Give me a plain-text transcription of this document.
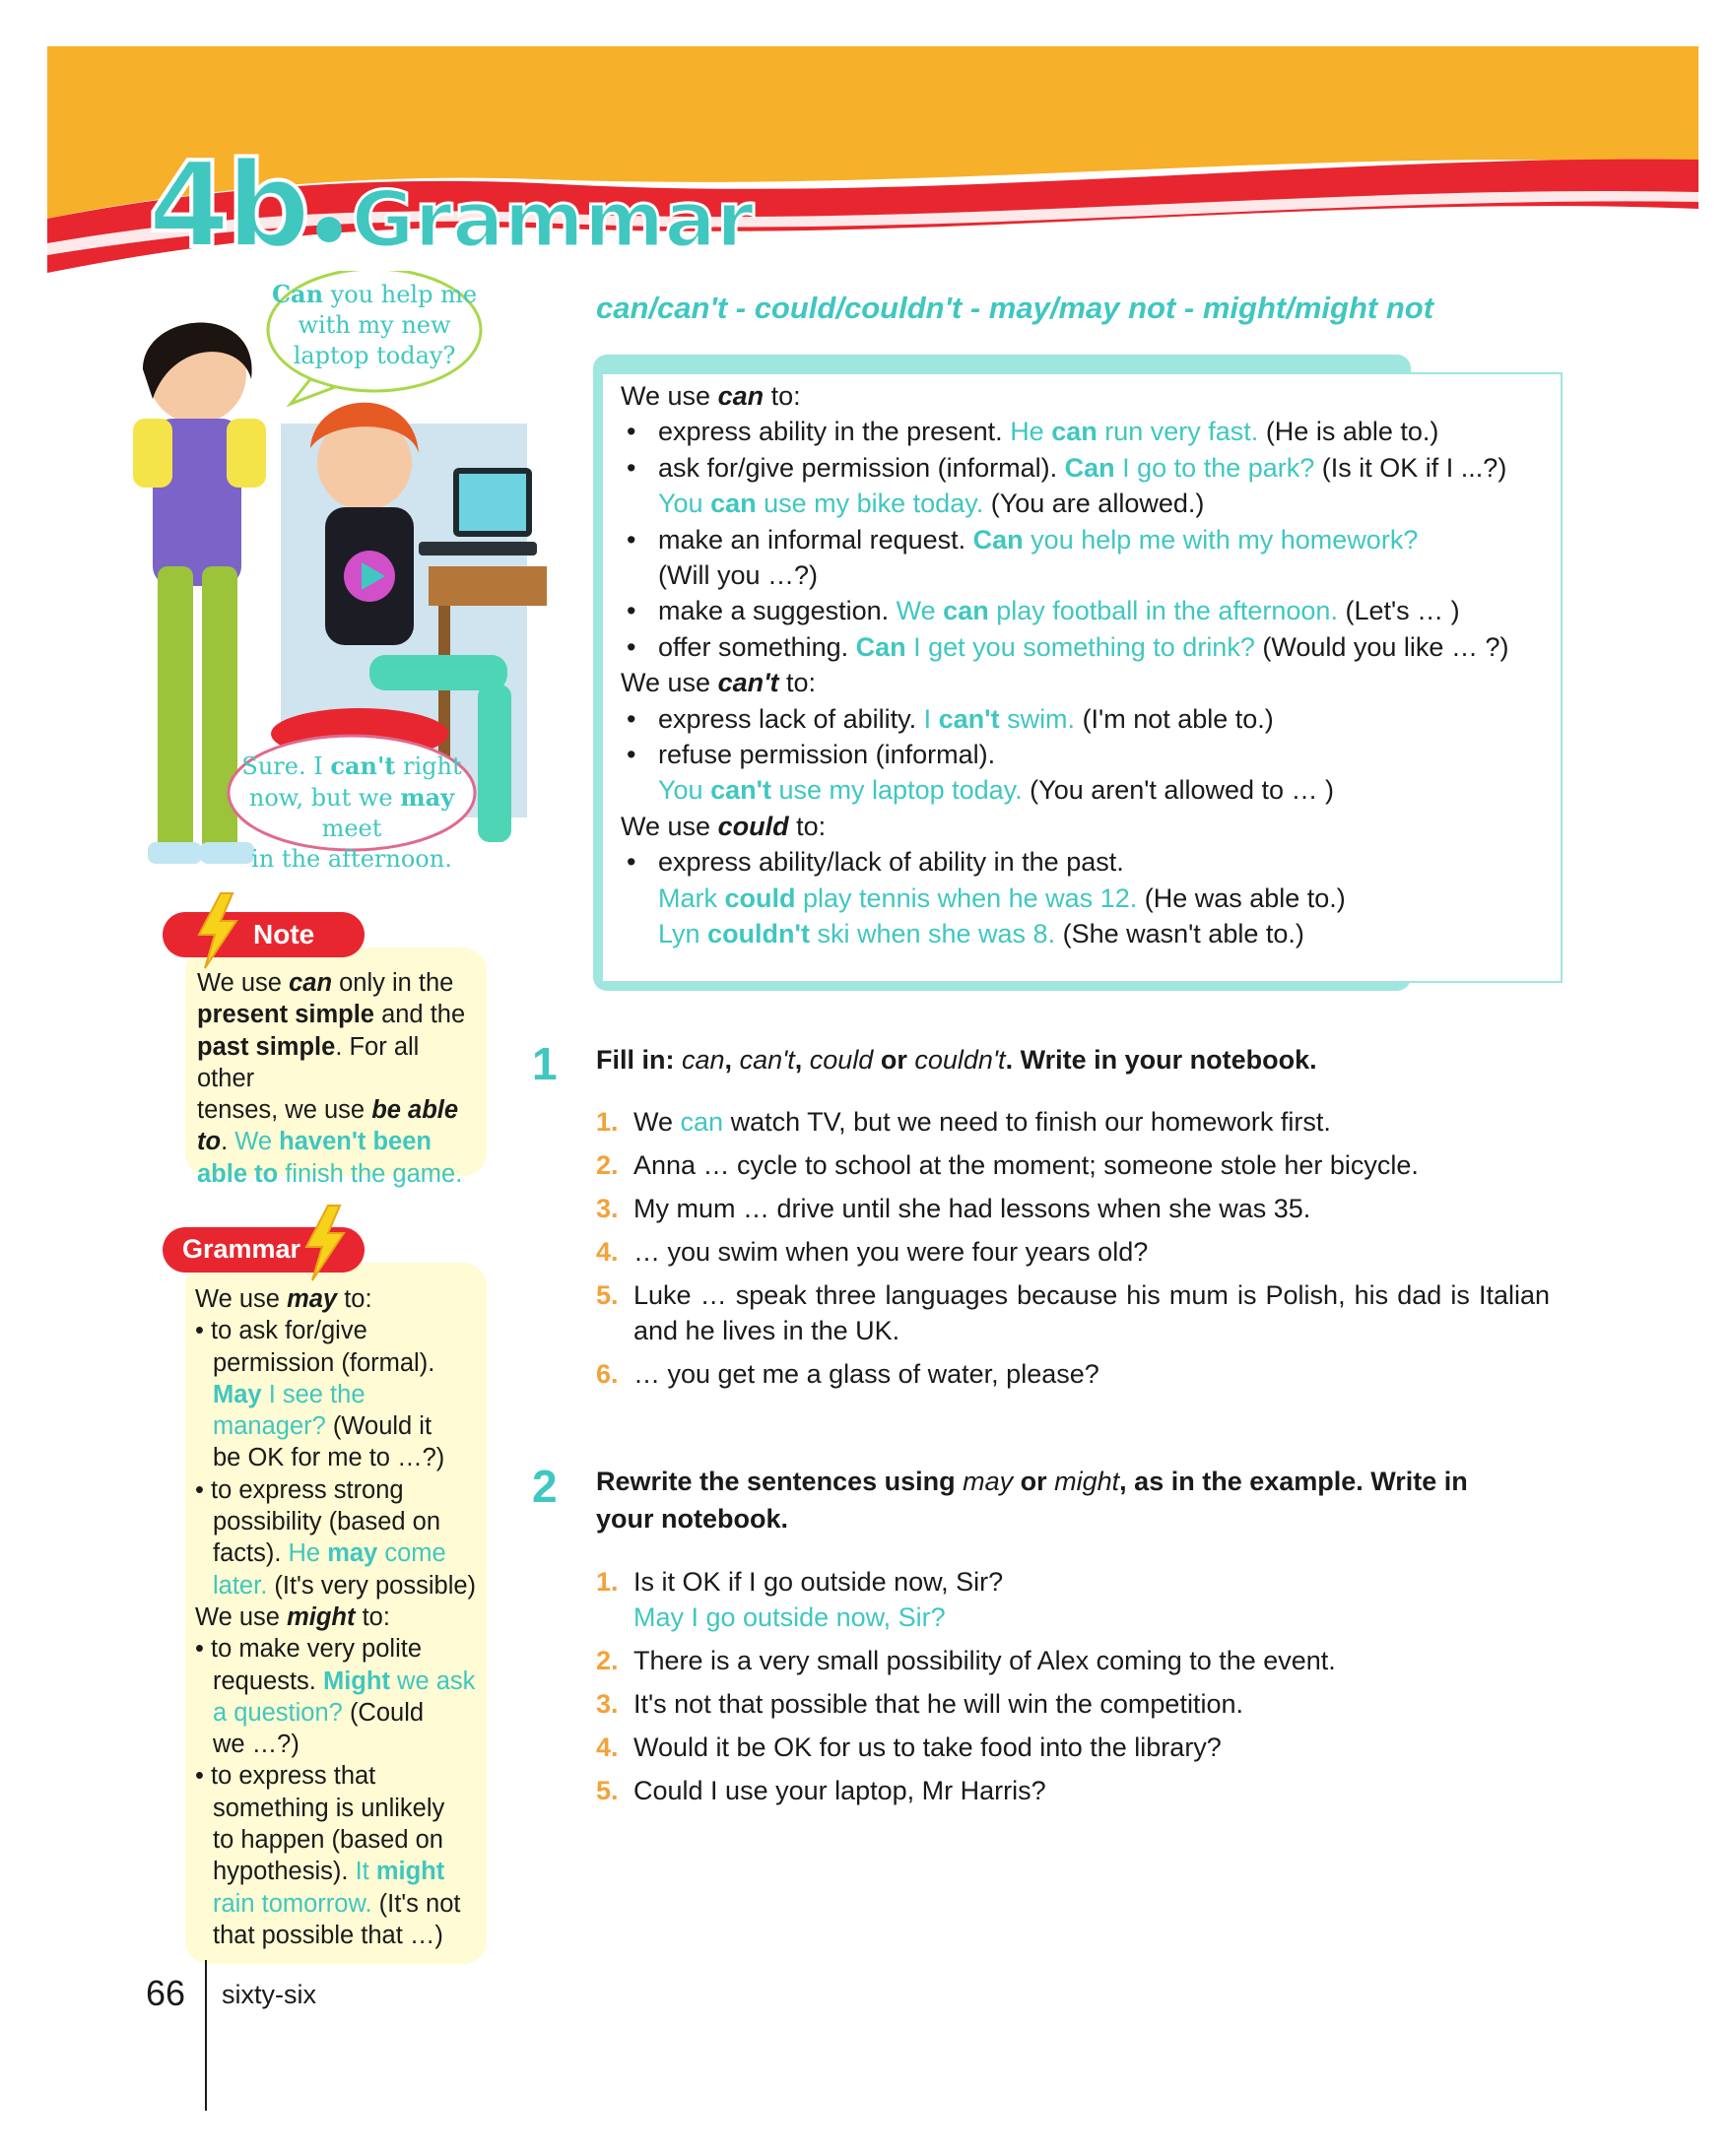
4b ● Grammar
Can you help me
with my new
laptop today?
Sure. I can't right
now, but we may meet
in the afternoon.
can/can't - could/couldn't - may/may not - might/might not
We use can to:
• express ability in the present. He can run very fast. (He is able to.)
• ask for/give permission (informal). Can I go to the park? (Is it OK if I ...?)
You can use my bike today. (You are allowed.)
• make an informal request. Can you help me with my homework?
(Will you …?)
• make a suggestion. We can play football in the afternoon. (Let's … )
• offer something. Can I get you something to drink? (Would you like … ?)
We use can't to:
• express lack of ability. I can't swim. (I'm not able to.)
• refuse permission (informal).
You can't use my laptop today. (You aren't allowed to … )
We use could to:
• express ability/lack of ability in the past.
Mark could play tennis when he was 12. (He was able to.)
Lyn couldn't ski when she was 8. (She wasn't able to.)
Note
We use can only in the
present simple and the
past simple. For all other
tenses, we use be able
to. We haven't been
able to finish the game.
Grammar
We use may to:
• to ask for/give
permission (formal).
May I see the
manager? (Would it
be OK for me to …?)
• to express strong
possibility (based on
facts). He may come
later. (It's very possible)
We use might to:
• to make very polite
requests. Might we ask
a question? (Could
we …?)
• to express that
something is unlikely
to happen (based on
hypothesis). It might
rain tomorrow. (It's not
that possible that …)
1 Fill in: can, can't, could or couldn't. Write in your notebook.
1. We can watch TV, but we need to finish our homework first.
2. Anna … cycle to school at the moment; someone stole her bicycle.
3. My mum … drive until she had lessons when she was 35.
4. … you swim when you were four years old?
5. Luke … speak three languages because his mum is Polish, his dad is Italian and he lives in the UK.
6. … you get me a glass of water, please?
2 Rewrite the sentences using may or might, as in the example. Write in
your notebook.
1. Is it OK if I go outside now, Sir?
May I go outside now, Sir?
2. There is a very small possibility of Alex coming to the event.
3. It's not that possible that he will win the competition.
4. Would it be OK for us to take food into the library?
5. Could I use your laptop, Mr Harris?
66 sixty-six
